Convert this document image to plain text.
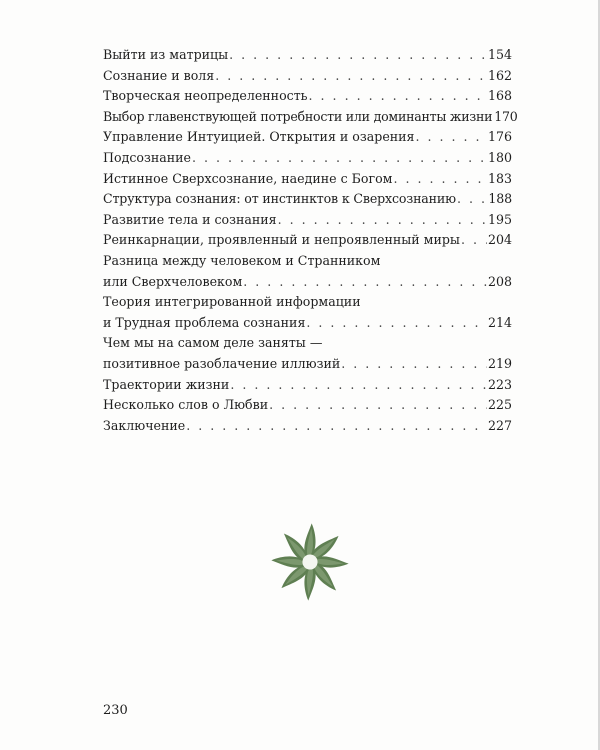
Выйти из матрицы . . .	154
Сознание и воля . . .	162
Творческая неопределенность . . .	168
Выбор главенствующей потребности или доминанты жизни 170
Управление Интуицией. Открытия и озарения . . .	176
Подсознание . . .	180
Истинное Сверхсознание, наедине с Богом . . .	183
Структура сознания: от инстинктов к Сверхсознанию . . .	188
Развитие тела и сознания . . .	195
Реинкарнации, проявленный и непроявленный миры . . . 204
Разница между человеком и Странником
или Сверхчеловеком . . .	208
Теория интегрированной информации
и Трудная проблема сознания . . .	214
Чем мы на самом деле заняты —
позитивное разоблачение иллюзий . . .	219
Траектории жизни . . .	223
Несколько слов о Любви . . .	225
Заключение . . .	227
230
